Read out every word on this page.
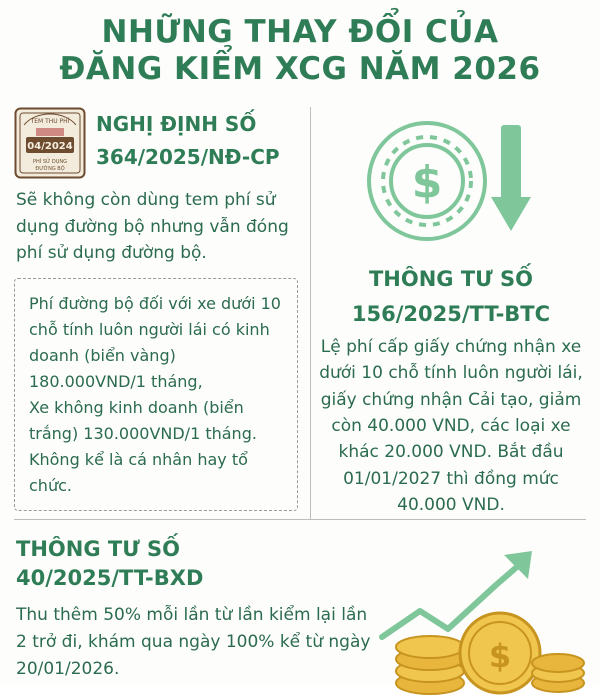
NHỮNG THAY ĐỔI CỦA
ĐĂNG KIỂM XCG NĂM 2026
TEM THU PHÍ
04/2024
PHÍ SỬ DỤNG
ĐƯỜNG BỘ
NGHỊ ĐỊNH SỐ
364/2025/NĐ-CP
Sẽ không còn dùng tem phí sử dụng đường bộ nhưng vẫn đóng phí sử dụng đường bộ.

Phí đường bộ đối với xe dưới 10

chỗ tính luôn người lái có kinh

doanh (biển vàng)

180.000VND/1 tháng,

Xe không kinh doanh (biển

trắng) 130.000VND/1 tháng.

Không kể là cá nhân hay tổ chức.

$
THÔNG TƯ SỐ
156/2025/TT-BTC
Lệ phí cấp giấy chứng nhận xe dưới 10 chỗ tính luôn người lái, giấy chứng nhận Cải tạo, giảm còn 40.000 VND, các loại xe khác 20.000 VND. Bắt đầu 01/01/2027 thì đồng mức 40.000 VND.
THÔNG TƯ SỐ
40/2025/TT-BXD
Thu thêm 50% mỗi lần từ lần kiểm lại lần 2 trở đi, khám qua ngày 100% kể từ ngày 20/01/2026.	$
